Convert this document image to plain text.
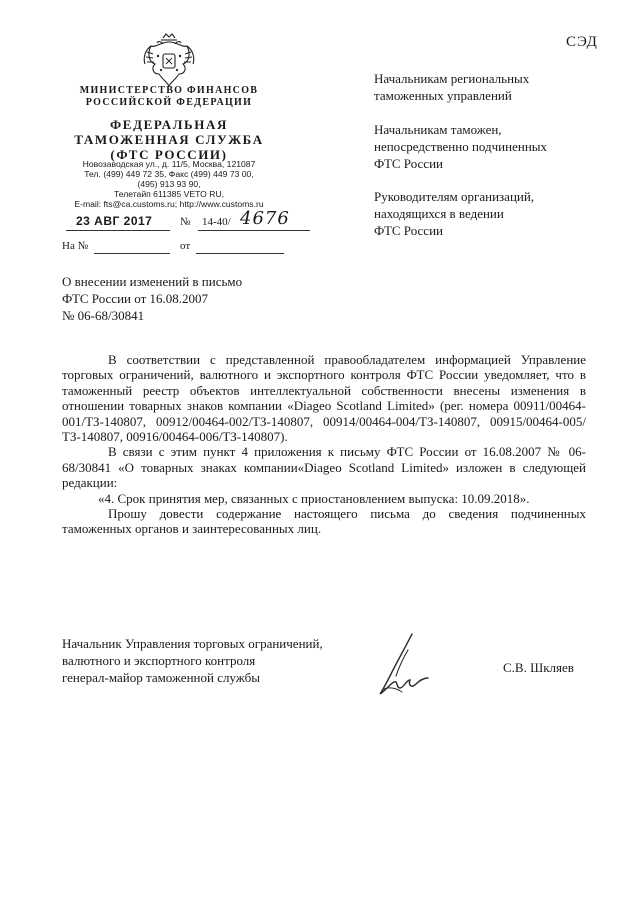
СЭД
МИНИСТЕРСТВО ФИНАНСОВ
РОССИЙСКОЙ ФЕДЕРАЦИИ
ФЕДЕРАЛЬНАЯ
ТАМОЖЕННАЯ СЛУЖБА
(ФТС РОССИИ)
Новозаводская ул., д. 11/5, Москва, 121087
Тел. (499) 449 72 35, Факс (499) 449 73 00,
(495) 913 93 90,
Телетайп 611385 VETO RU,
E-mail: fts@ca.customs.ru; http://www.customs.ru
23 АВГ 2017	№ 14-40/ 4676
На №	от
Начальникам региональных
таможенных управлений
Начальникам таможен,
непосредственно подчиненных
ФТС России
Руководителям организаций,
находящихся в ведении
ФТС России
О внесении изменений в письмо
ФТС России от 16.08.2007
№ 06-68/30841

В соответствии с представленной правообладателем информацией Управление торговых ограничений, валютного и экспортного контроля ФТС России уведомляет, что в таможенный реестр объектов интеллектуальной собственности внесены изменения в отношении товарных знаков компании «Diageo Scotland Limited» (рег. номера 00911/00464-001/ТЗ-140807, 00912/00464-002/ТЗ-140807, 00914/00464-004/ТЗ-140807, 00915/00464-005/ТЗ-140807, 00916/00464-006/ТЗ-140807).

В связи с этим пункт 4 приложения к письму ФТС России от 16.08.2007 № 06-68/30841 «О товарных знаках компании«Diageo Scotland Limited» изложен в следующей редакции:

«4. Срок принятия мер, связанных с приостановлением выпуска: 10.09.2018».

Прошу довести содержание настоящего письма до сведения подчиненных таможенных органов и заинтересованных лиц.

Начальник Управления торговых ограничений,
валютного и экспортного контроля
генерал-майор таможенной службы
С.В. Шкляев
